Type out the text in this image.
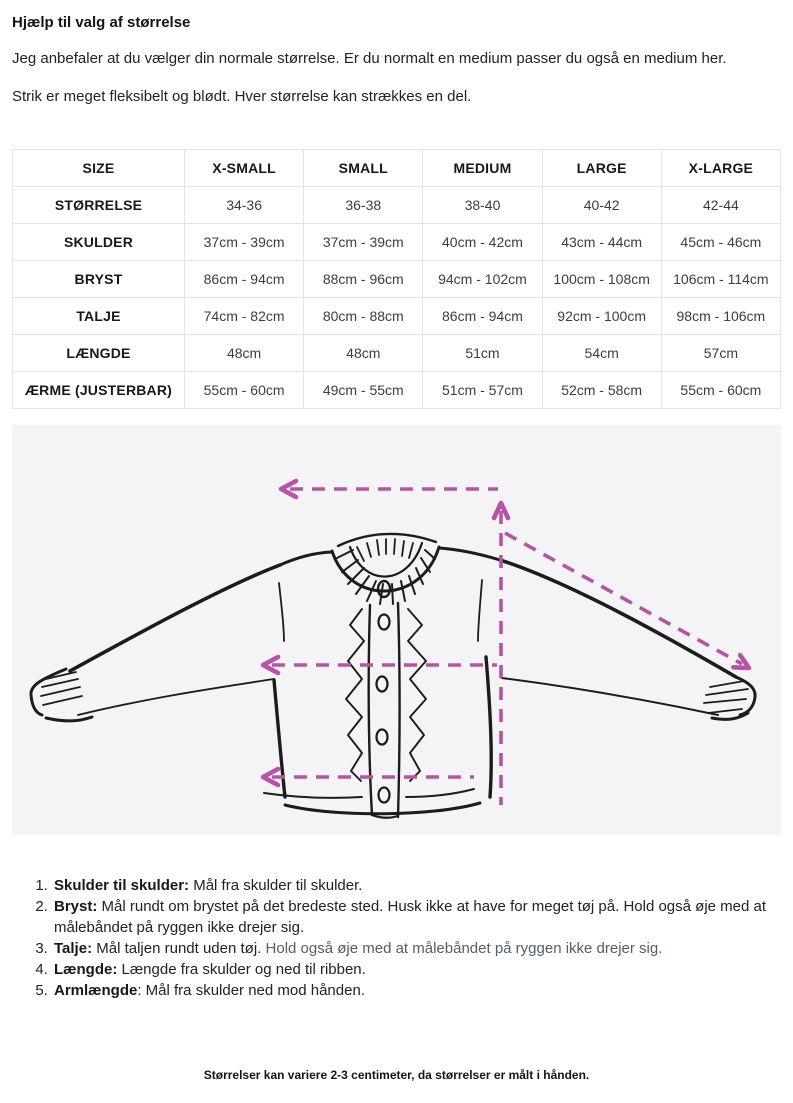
Hjælp til valg af størrelse

Jeg anbefaler at du vælger din normale størrelse. Er du normalt en medium passer du også en medium her.

Strik er meget fleksibelt og blødt. Hver størrelse kan strækkes en del.

SIZE	X-SMALL	SMALL	MEDIUM	LARGE	X-LARGE
STØRRELSE	34-36	36-38	38-40	40-42	42-44
SKULDER	37cm - 39cm	37cm - 39cm	40cm - 42cm	43cm - 44cm	45cm - 46cm
BRYST	86cm - 94cm	88cm - 96cm	94cm - 102cm	100cm - 108cm	106cm - 114cm
TALJE	74cm - 82cm	80cm - 88cm	86cm - 94cm	92cm - 100cm	98cm - 106cm
LÆNGDE	48cm	48cm	51cm	54cm	57cm
ÆRME (JUSTERBAR)	55cm - 60cm	49cm - 55cm	51cm - 57cm	52cm - 58cm	55cm - 60cm
1. Skulder til skulder: Mål fra skulder til skulder.
2. Bryst: Mål rundt om brystet på det bredeste sted. Husk ikke at have for meget tøj på. Hold også øje med at målebåndet på ryggen ikke drejer sig.
3. Talje: Mål taljen rundt uden tøj. Hold også øje med at målebåndet på ryggen ikke drejer sig.
4. Længde: Længde fra skulder og ned til ribben.
5. Armlængde: Mål fra skulder ned mod hånden.

Størrelser kan variere 2-3 centimeter, da størrelser er målt i hånden.
